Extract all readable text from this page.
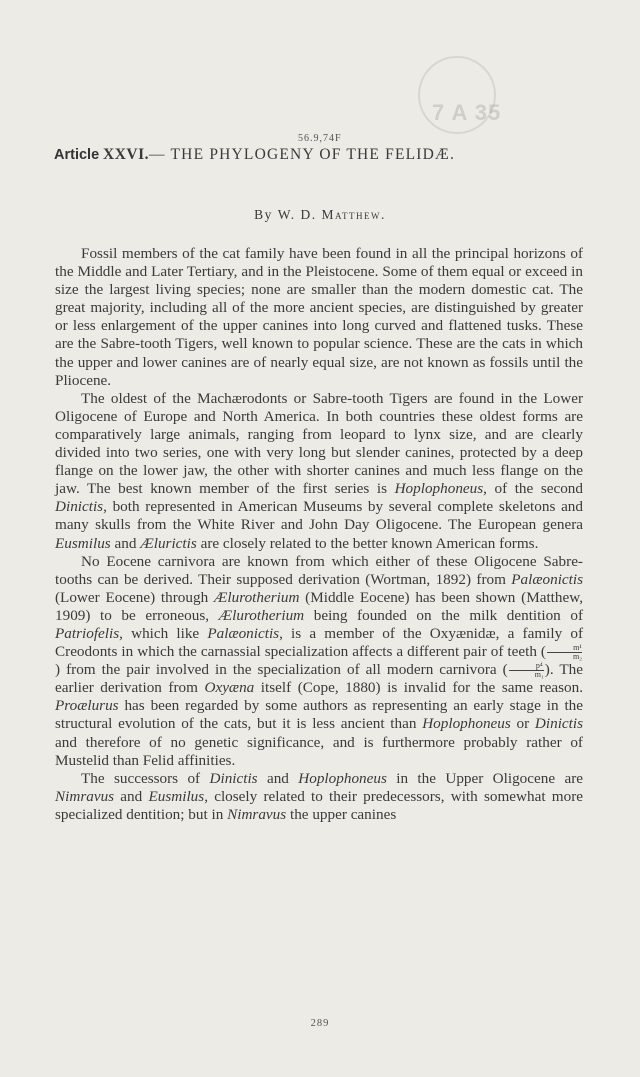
7 A 35
56.9,74F
Article XXVI.— THE PHYLOGENY OF THE FELIDÆ.
By W. D. Matthew.

Fossil members of the cat family have been found in all the principal horizons of the Middle and Later Tertiary, and in the Pleistocene. Some of them equal or exceed in size the largest living species; none are smaller than the modern domestic cat. The great majority, including all of the more ancient species, are distinguished by greater or less enlargement of the upper canines into long curved and flattened tusks. These are the Sabre-tooth Tigers, well known to popular science. These are the cats in which the upper and lower canines are of nearly equal size, are not known as fossils until the Pliocene.

The oldest of the Machærodonts or Sabre-tooth Tigers are found in the Lower Oligocene of Europe and North America. In both countries these oldest forms are comparatively large animals, ranging from leopard to lynx size, and are clearly divided into two series, one with very long but slender canines, protected by a deep flange on the lower jaw, the other with shorter canines and much less flange on the jaw. The best known member of the first series is Hoplophoneus, of the second Dinictis, both represented in American Museums by several complete skeletons and many skulls from the White River and John Day Oligocene. The European genera Eusmilus and Ælurictis are closely related to the better known American forms.

No Eocene carnivora are known from which either of these Oligocene Sabre-tooths can be derived. Their supposed derivation (Wortman, 1892) from Palæonictis (Lower Eocene) through Ælurotherium (Middle Eocene) has been shown (Matthew, 1909) to be erroneous, Ælurotherium being founded on the milk dentition of Patriofelis, which like Palæonictis, is a member of the Oxyænidæ, a family of Creodonts in which the carnassial specialization affects a different pair of teeth ( $\frac{\text{m¹}}{\text{m₂}}$
) from the pair involved in the specialization of all modern carnivora ( $\frac{\text{p⁴}}{\text{m₁}}$ ). The earlier derivation from Oxyæna itself (Cope, 1880) is invalid for the same reason. Proælurus has been regarded by some authors as representing an early stage in the structural evolution of the cats, but it is less ancient than Hoplophoneus or Dinictis and therefore of no genetic significance, and is furthermore probably rather of Mustelid than Felid affinities.

The successors of Dinictis and Hoplophoneus in the Upper Oligocene are Nimravus and Eusmilus, closely related to their predecessors, with somewhat more specialized dentition; but in Nimravus the upper canines

289
